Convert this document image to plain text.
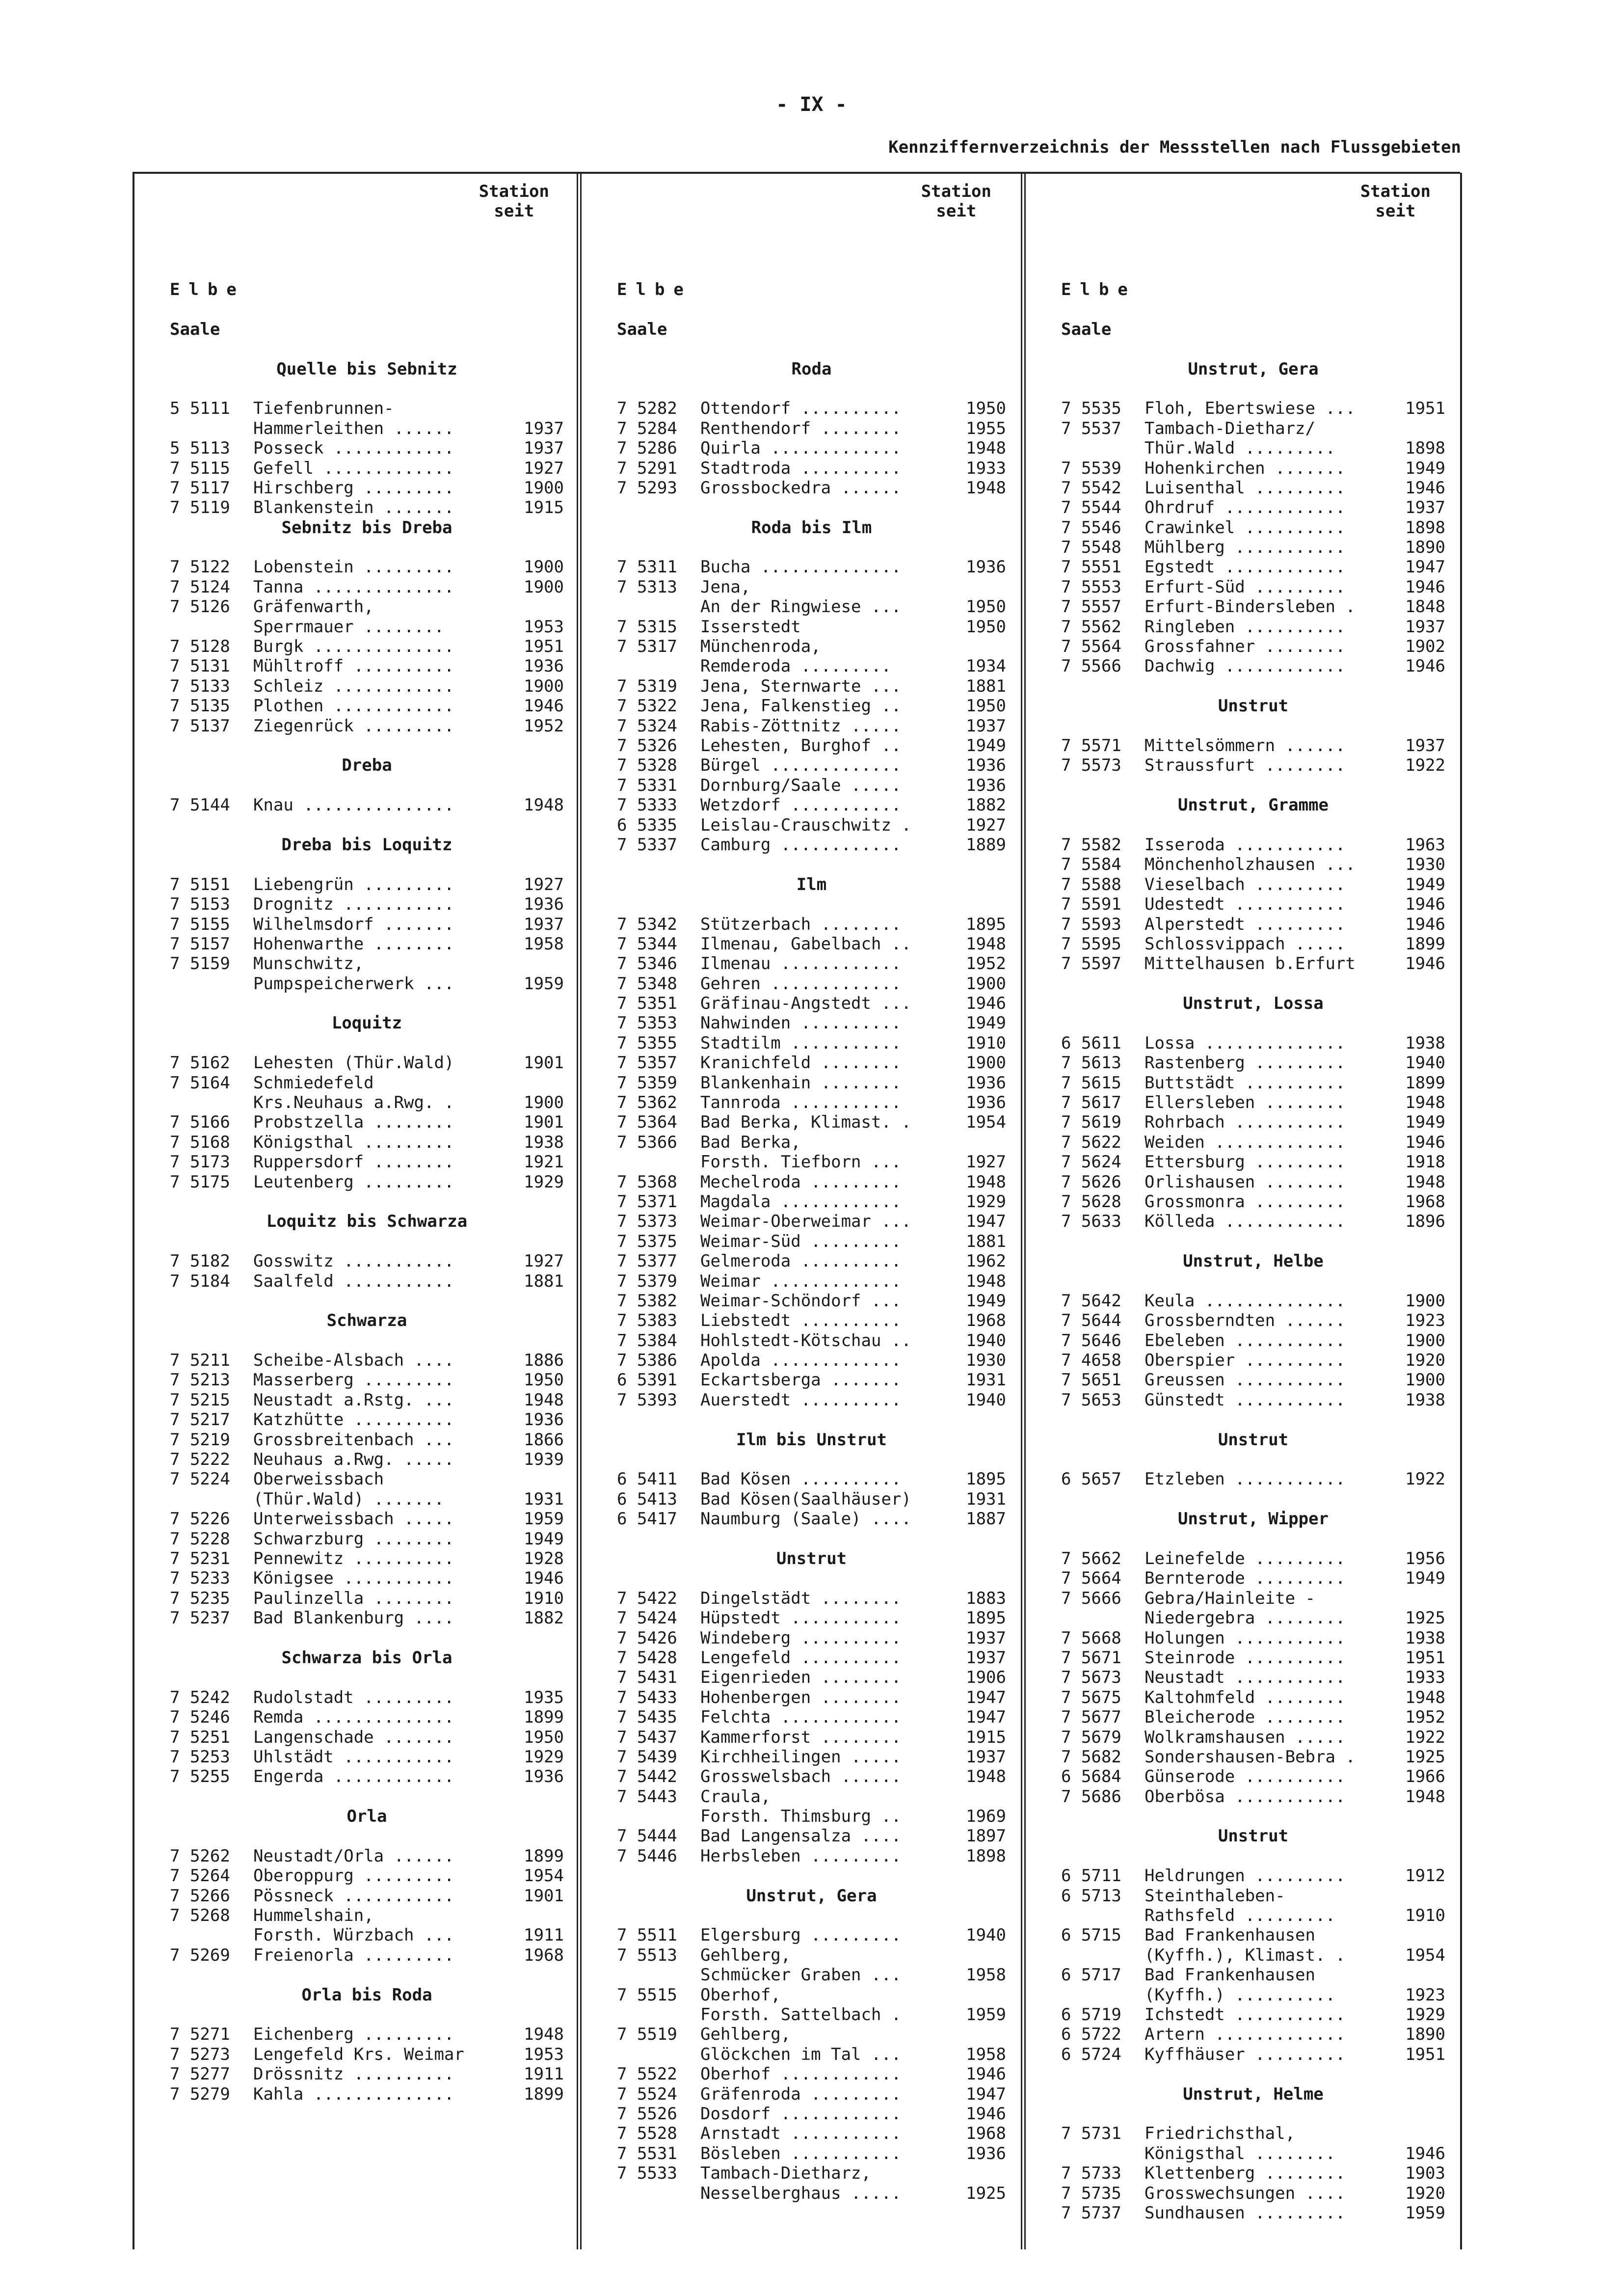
- IX -
Kennziffernverzeichnis der Messstellen nach Flussgebieten
Station
seit
Elbe
Saale
Quelle bis Sebnitz
5 5111	Tiefenbrunnen-
Hammerleithen ......	1937
5 5113	Posseck ............	1937
7 5115	Gefell .............	1927
7 5117	Hirschberg .........	1900
7 5119	Blankenstein .......	1915
Sebnitz bis Dreba
7 5122	Lobenstein .........	1900
7 5124	Tanna ..............	1900
7 5126	Gräfenwarth,
Sperrmauer ........	1953
7 5128	Burgk ..............	1951
7 5131	Mühltroff ..........	1936
7 5133	Schleiz ............	1900
7 5135	Plothen ............	1946
7 5137	Ziegenrück .........	1952
Dreba
7 5144	Knau ...............	1948
Dreba bis Loquitz
7 5151	Liebengrün .........	1927
7 5153	Drognitz ...........	1936
7 5155	Wilhelmsdorf .......	1937
7 5157	Hohenwarthe ........	1958
7 5159	Munschwitz,
Pumpspeicherwerk ...	1959
Loquitz
7 5162	Lehesten (Thür.Wald)	1901
7 5164	Schmiedefeld
Krs.Neuhaus a.Rwg. .	1900
7 5166	Probstzella ........	1901
7 5168	Königsthal .........	1938
7 5173	Ruppersdorf ........	1921
7 5175	Leutenberg .........	1929
Loquitz bis Schwarza
7 5182	Gosswitz ...........	1927
7 5184	Saalfeld ...........	1881
Schwarza
7 5211	Scheibe-Alsbach ....	1886
7 5213	Masserberg .........	1950
7 5215	Neustadt a.Rstg. ...	1948
7 5217	Katzhütte ..........	1936
7 5219	Grossbreitenbach ...	1866
7 5222	Neuhaus a.Rwg. .....	1939
7 5224	Oberweissbach
(Thür.Wald) .......	1931
7 5226	Unterweissbach .....	1959
7 5228	Schwarzburg ........	1949
7 5231	Pennewitz ..........	1928
7 5233	Königsee ...........	1946
7 5235	Paulinzella ........	1910
7 5237	Bad Blankenburg ....	1882
Schwarza bis Orla
7 5242	Rudolstadt .........	1935
7 5246	Remda ..............	1899
7 5251	Langenschade .......	1950
7 5253	Uhlstädt ...........	1929
7 5255	Engerda ............	1936
Orla
7 5262	Neustadt/Orla ......	1899
7 5264	Oberoppurg .........	1954
7 5266	Pössneck ...........	1901
7 5268	Hummelshain,
Forsth. Würzbach ...	1911
7 5269	Freienorla .........	1968
Orla bis Roda
7 5271	Eichenberg .........	1948
7 5273	Lengefeld Krs. Weimar	1953
7 5277	Drössnitz ..........	1911
7 5279	Kahla ..............	1899
Station
seit
Elbe
Saale
Roda
7 5282	Ottendorf ..........	1950
7 5284	Renthendorf ........	1955
7 5286	Quirla .............	1948
7 5291	Stadtroda ..........	1933
7 5293	Grossbockedra ......	1948
Roda bis Ilm
7 5311	Bucha ..............	1936
7 5313	Jena,
An der Ringwiese ...	1950
7 5315	Isserstedt	1950
7 5317	Münchenroda,
Remderoda .........	1934
7 5319	Jena, Sternwarte ...	1881
7 5322	Jena, Falkenstieg ..	1950
7 5324	Rabis-Zöttnitz .....	1937
7 5326	Lehesten, Burghof ..	1949
7 5328	Bürgel .............	1936
7 5331	Dornburg/Saale .....	1936
7 5333	Wetzdorf ...........	1882
6 5335	Leislau-Crauschwitz .	1927
7 5337	Camburg ............	1889
Ilm
7 5342	Stützerbach ........	1895
7 5344	Ilmenau, Gabelbach ..	1948
7 5346	Ilmenau ............	1952
7 5348	Gehren .............	1900
7 5351	Gräfinau-Angstedt ...	1946
7 5353	Nahwinden ..........	1949
7 5355	Stadtilm ...........	1910
7 5357	Kranichfeld ........	1900
7 5359	Blankenhain ........	1936
7 5362	Tannroda ...........	1936
7 5364	Bad Berka, Klimast. .	1954
7 5366	Bad Berka,
Forsth. Tiefborn ...	1927
7 5368	Mechelroda .........	1948
7 5371	Magdala ............	1929
7 5373	Weimar-Oberweimar ...	1947
7 5375	Weimar-Süd .........	1881
7 5377	Gelmeroda ..........	1962
7 5379	Weimar .............	1948
7 5382	Weimar-Schöndorf ...	1949
7 5383	Liebstedt ..........	1968
7 5384	Hohlstedt-Kötschau ..	1940
7 5386	Apolda .............	1930
6 5391	Eckartsberga .......	1931
7 5393	Auerstedt ..........	1940
Ilm bis Unstrut
6 5411	Bad Kösen ..........	1895
6 5413	Bad Kösen(Saalhäuser)	1931
6 5417	Naumburg (Saale) ....	1887
Unstrut
7 5422	Dingelstädt ........	1883
7 5424	Hüpstedt ...........	1895
7 5426	Windeberg ..........	1937
7 5428	Lengefeld ..........	1937
7 5431	Eigenrieden ........	1906
7 5433	Hohenbergen ........	1947
7 5435	Felchta ............	1947
7 5437	Kammerforst ........	1915
7 5439	Kirchheilingen .....	1937
7 5442	Grosswelsbach ......	1948
7 5443	Craula,
Forsth. Thimsburg ..	1969
7 5444	Bad Langensalza ....	1897
7 5446	Herbsleben .........	1898
Unstrut, Gera
7 5511	Elgersburg .........	1940
7 5513	Gehlberg,
Schmücker Graben ...	1958
7 5515	Oberhof,
Forsth. Sattelbach .	1959
7 5519	Gehlberg,
Glöckchen im Tal ...	1958
7 5522	Oberhof ............	1946
7 5524	Gräfenroda .........	1947
7 5526	Dosdorf ............	1946
7 5528	Arnstadt ...........	1968
7 5531	Bösleben ...........	1936
7 5533	Tambach-Dietharz,
Nesselberghaus .....	1925
Station
seit
Elbe
Saale
Unstrut, Gera
7 5535	Floh, Ebertswiese ...	1951
7 5537	Tambach-Dietharz/
Thür.Wald .........	1898
7 5539	Hohenkirchen .......	1949
7 5542	Luisenthal .........	1946
7 5544	Ohrdruf ............	1937
7 5546	Crawinkel ..........	1898
7 5548	Mühlberg ...........	1890
7 5551	Egstedt ............	1947
7 5553	Erfurt-Süd .........	1946
7 5557	Erfurt-Bindersleben .	1848
7 5562	Ringleben ..........	1937
7 5564	Grossfahner ........	1902
7 5566	Dachwig ............	1946
Unstrut
7 5571	Mittelsömmern ......	1937
7 5573	Straussfurt ........	1922
Unstrut, Gramme
7 5582	Isseroda ...........	1963
7 5584	Mönchenholzhausen ...	1930
7 5588	Vieselbach .........	1949
7 5591	Udestedt ...........	1946
7 5593	Alperstedt .........	1946
7 5595	Schlossvippach .....	1899
7 5597	Mittelhausen b.Erfurt	1946
Unstrut, Lossa
6 5611	Lossa ..............	1938
7 5613	Rastenberg .........	1940
7 5615	Buttstädt ..........	1899
7 5617	Ellersleben ........	1948
7 5619	Rohrbach ...........	1949
7 5622	Weiden .............	1946
7 5624	Ettersburg .........	1918
7 5626	Orlishausen ........	1948
7 5628	Grossmonra .........	1968
7 5633	Kölleda ............	1896
Unstrut, Helbe
7 5642	Keula ..............	1900
7 5644	Grossberndten ......	1923
7 5646	Ebeleben ...........	1900
7 4658	Oberspier ..........	1920
7 5651	Greussen ...........	1900
7 5653	Günstedt ...........	1938
Unstrut
6 5657	Etzleben ...........	1922
Unstrut, Wipper
7 5662	Leinefelde .........	1956
7 5664	Bernterode .........	1949
7 5666	Gebra/Hainleite -
Niedergebra ........	1925
7 5668	Holungen ...........	1938
7 5671	Steinrode ..........	1951
7 5673	Neustadt ...........	1933
7 5675	Kaltohmfeld ........	1948
7 5677	Bleicherode ........	1952
7 5679	Wolkramshausen .....	1922
7 5682	Sondershausen-Bebra .	1925
6 5684	Günserode ..........	1966
7 5686	Oberbösa ...........	1948
Unstrut
6 5711	Heldrungen .........	1912
6 5713	Steinthaleben-
Rathsfeld .........	1910
6 5715	Bad Frankenhausen
(Kyffh.), Klimast. .	1954
6 5717	Bad Frankenhausen
(Kyffh.) ..........	1923
6 5719	Ichstedt ...........	1929
6 5722	Artern .............	1890
6 5724	Kyffhäuser .........	1951
Unstrut, Helme
7 5731	Friedrichsthal,
Königsthal ........	1946
7 5733	Klettenberg ........	1903
7 5735	Grosswechsungen ....	1920
7 5737	Sundhausen .........	1959
